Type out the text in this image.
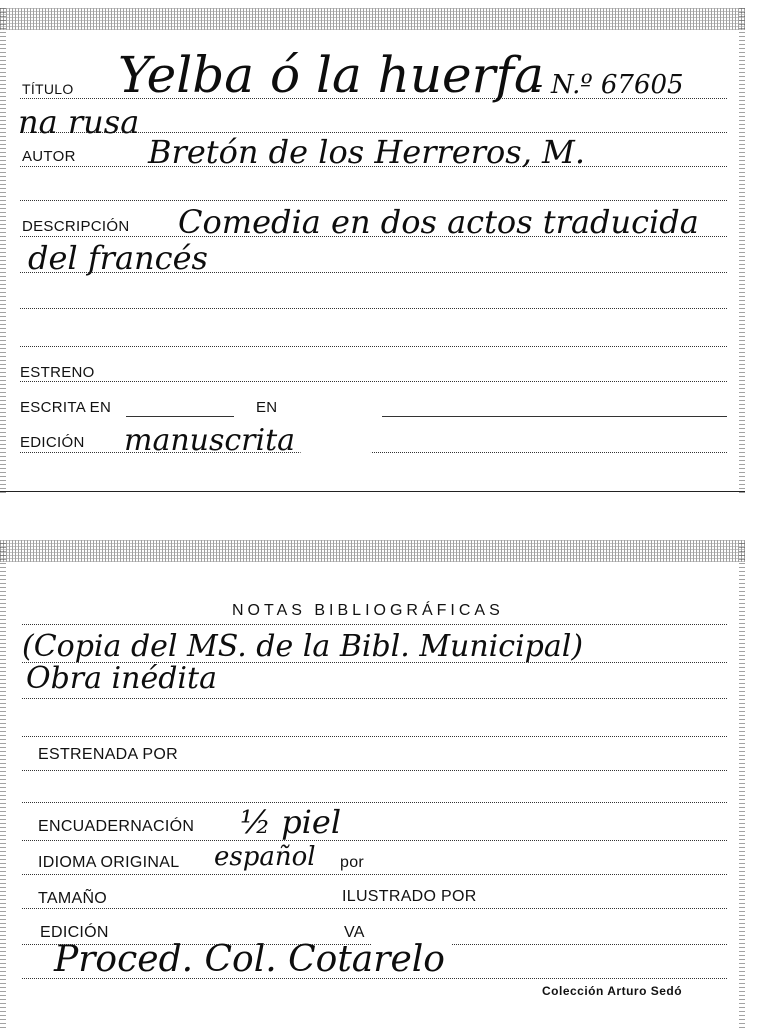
TÍTULO Yelba ó la huerfa
- N.º 67605
na rusa
AUTOR Bretón de los Herreros, M.
DESCRIPCIÓN Comedia en dos actos traducida
del francés
ESTRENO
ESCRITA EN	EN
EDICIÓN manuscrita
NOTAS BIBLIOGRÁFICAS
(Copia del MS. de la Bibl. Municipal)
Obra inédita
ESTRENADA POR
ENCUADERNACIÓN ½ piel
IDIOMA ORIGINAL español por
TAMAÑO	ILUSTRADO POR
EDICIÓN	VA
Proced. Col. Cotarelo
Colección Arturo Sedó
